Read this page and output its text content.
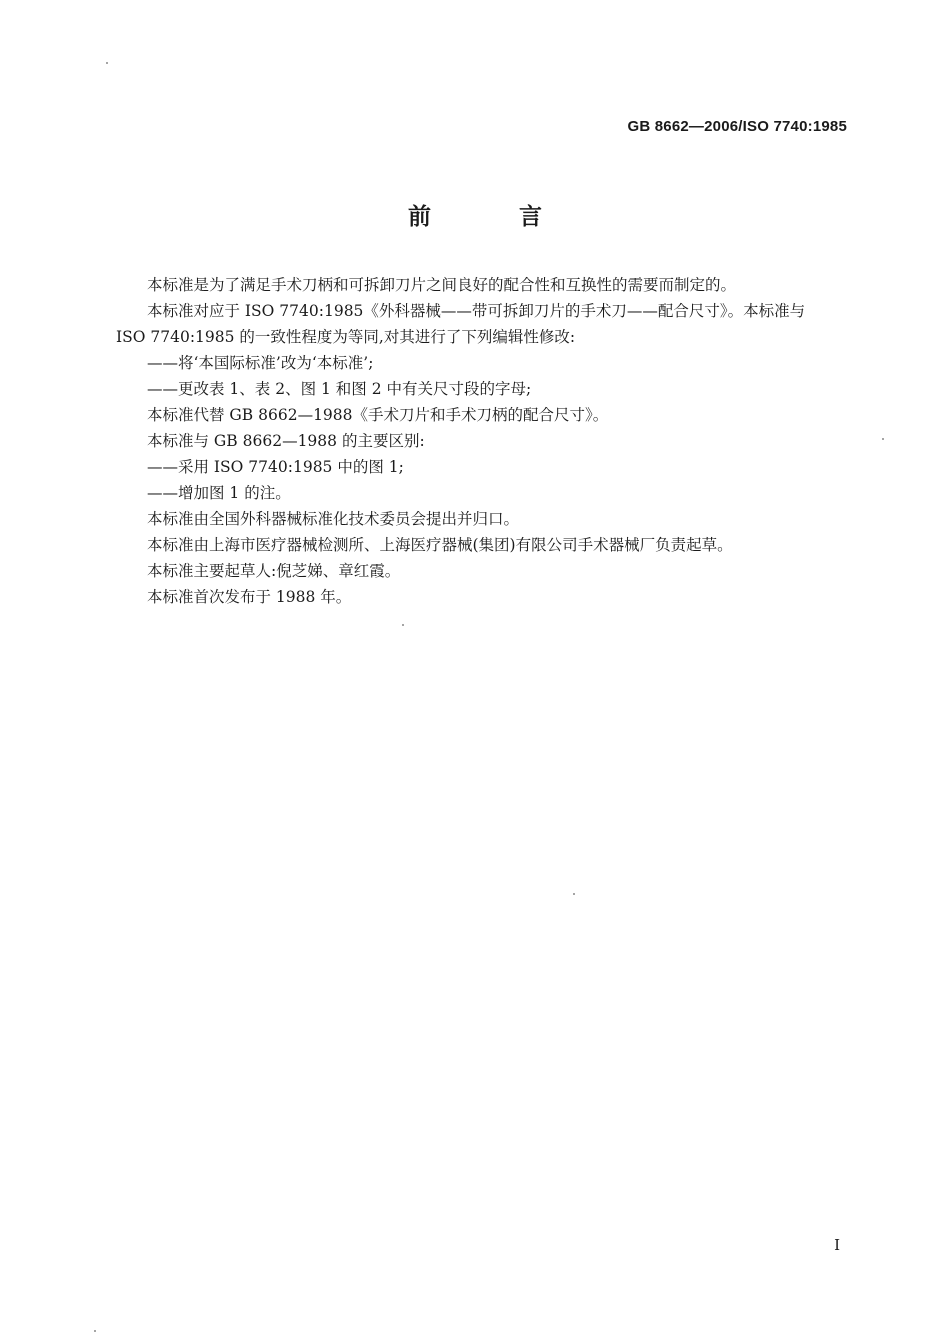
GB 8662—2006/ISO 7740:1985
前 言

本标准是为了满足手术刀柄和可拆卸刀片之间良好的配合性和互换性的需要而制定的。

本标准对应于 ISO 7740:1985《外科器械——带可拆卸刀片的手术刀——配合尺寸》。本标准与

ISO 7740:1985 的一致性程度为等同,对其进行了下列编辑性修改:

——将‘本国际标准’改为‘本标准’;

——更改表 1、表 2、图 1 和图 2 中有关尺寸段的字母;

本标准代替 GB 8662—1988《手术刀片和手术刀柄的配合尺寸》。

本标准与 GB 8662—1988 的主要区别:

——采用 ISO 7740:1985 中的图 1;

——增加图 1 的注。

本标准由全国外科器械标准化技术委员会提出并归口。

本标准由上海市医疗器械检测所、上海医疗器械(集团)有限公司手术器械厂负责起草。

本标准主要起草人:倪芝娣、章红霞。

本标准首次发布于 1988 年。

I
